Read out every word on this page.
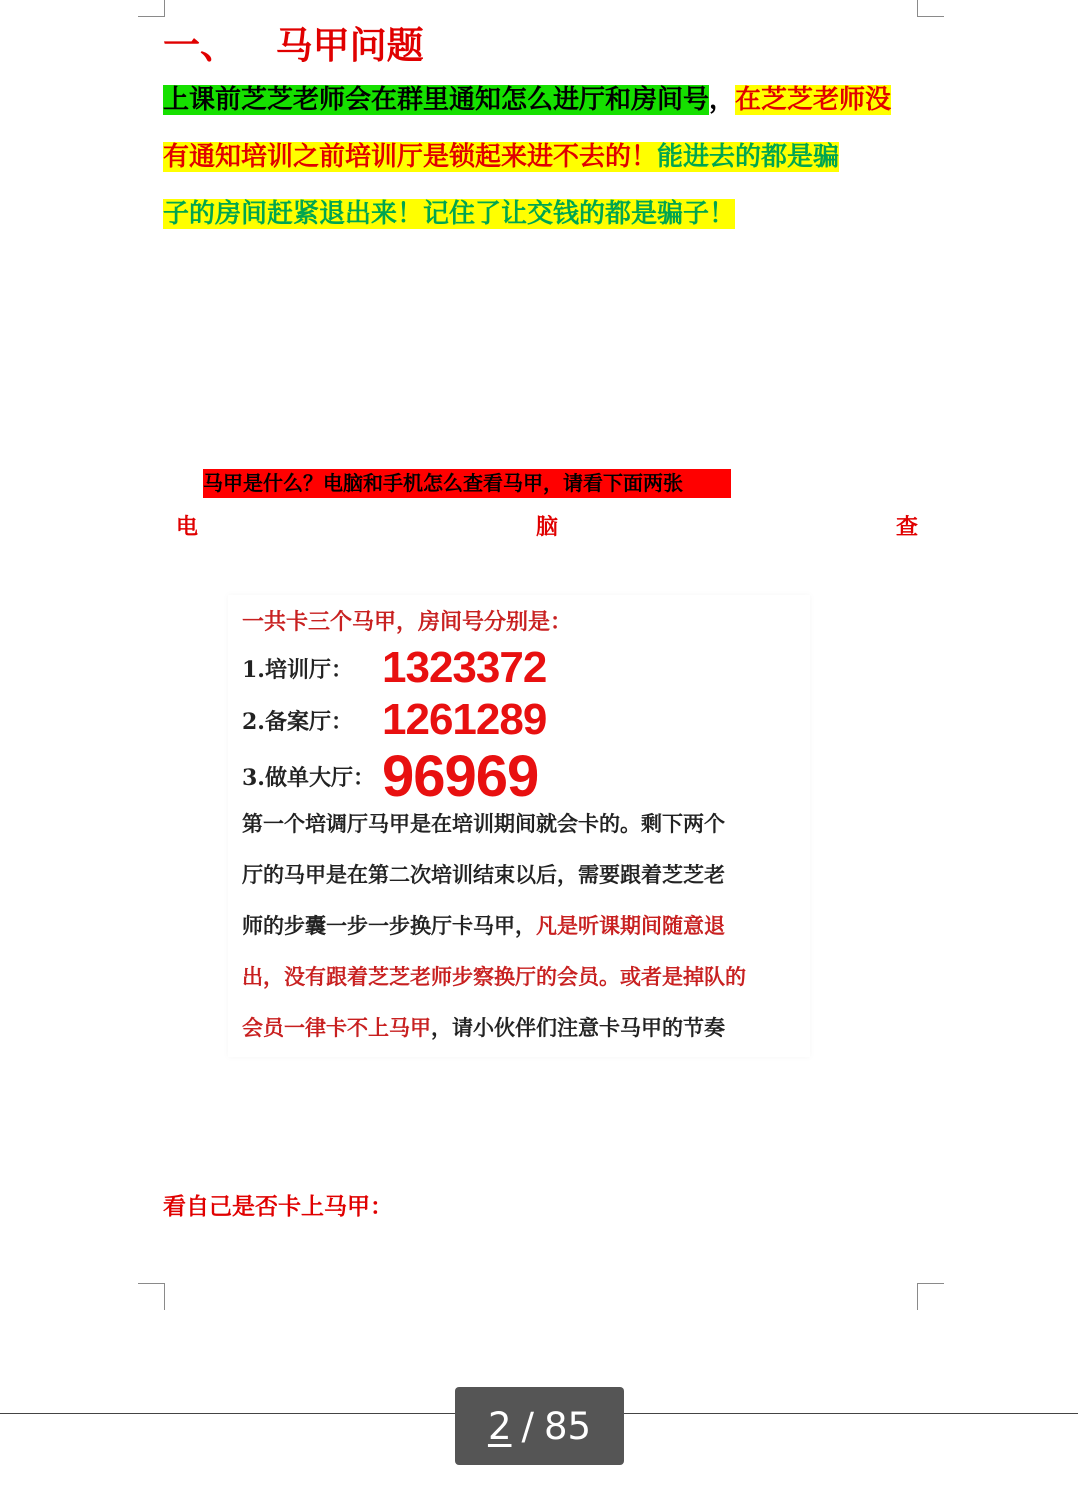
一、   马甲问题
上课前芝芝老师会在群里通知怎么进厅和房间号，在芝芝老师没
有通知培训之前培训厅是锁起来进不去的！能进去的都是骗
子的房间赶紧退出来！记住了让交钱的都是骗子！
马甲是什么？电脑和手机怎么查看马甲，请看下面两张
电	脑	查
一共卡三个马甲，房间号分别是：
1.培训厅： 1323372
2.备案厅： 1261289
3.做单大厅： 96969
第一个培调厅马甲是在培训期间就会卡的。剩下两个
厅的马甲是在第二次培训结束以后，需要跟着芝芝老
师的步囊一步一步换厅卡马甲，凡是听课期间随意退
出，没有跟着芝芝老师步察换厅的会员。或者是掉队的
会员一律卡不上马甲，请小伙伴们注意卡马甲的节奏
看自己是否卡上马甲：
2 / 85
